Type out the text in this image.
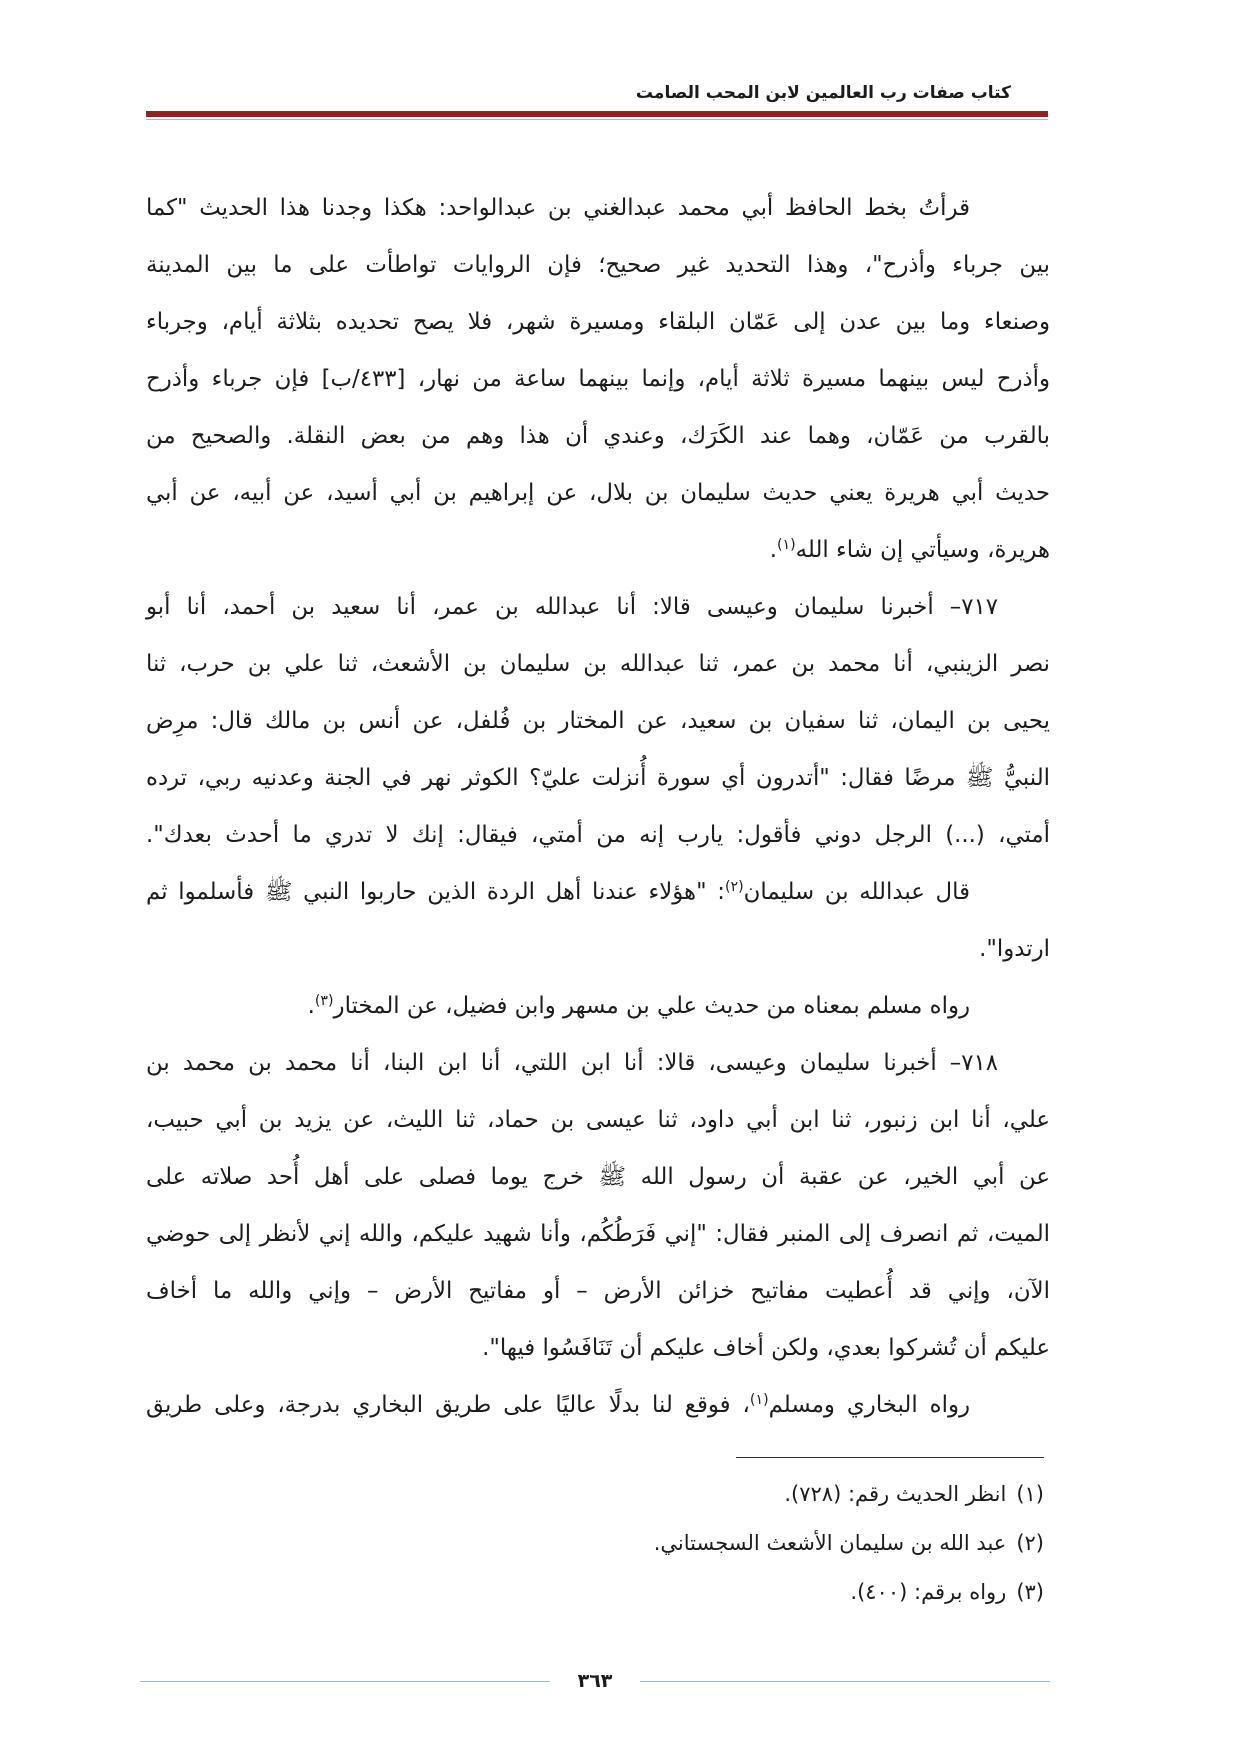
كتاب صفات رب العالمين لابن المحب الصامت
قرأتُ بخط الحافظ أبي محمد عبدالغني بن عبدالواحد: هكذا وجدنا هذا الحديث "كما
بين جرباء وأذرح"، وهذا التحديد غير صحيح؛ فإن الروايات تواطأت على ما بين المدينة
وصنعاء وما بين عدن إلى عَمّان البلقاء ومسيرة شهر، فلا يصح تحديده بثلاثة أيام، وجرباء
وأذرح ليس بينهما مسيرة ثلاثة أيام، وإنما بينهما ساعة من نهار، [٤٣٣/ب] فإن جرباء وأذرح
بالقرب من عَمّان، وهما عند الكَرَك، وعندي أن هذا وهم من بعض النقلة. والصحيح من
حديث أبي هريرة يعني حديث سليمان بن بلال، عن إبراهيم بن أبي أسيد، عن أبيه، عن أبي
هريرة، وسيأتي إن شاء الله$^{(١)}$.
٧١٧– أخبرنا سليمان وعيسى قالا: أنا عبدالله بن عمر، أنا سعيد بن أحمد، أنا أبو
نصر الزينبي، أنا محمد بن عمر، ثنا عبدالله بن سليمان بن الأشعث، ثنا علي بن حرب، ثنا
يحيى بن اليمان، ثنا سفيان بن سعيد، عن المختار بن فُلفل، عن أنس بن مالك قال: مرِض
النبيُّ ﷺ مرضًا فقال: "أتدرون أي سورة أُنزلت عليّ؟ الكوثر نهر في الجنة وعدنيه ربي، ترده
أمتي، (...) الرجل دوني فأقول: يارب إنه من أمتي، فيقال: إنك لا تدري ما أحدث بعدك".
قال عبدالله بن سليمان$^{(٢)}$: "هؤلاء عندنا أهل الردة الذين حاربوا النبي ﷺ فأسلموا ثم
ارتدوا".
رواه مسلم بمعناه من حديث علي بن مسهر وابن فضيل، عن المختار$^{(٣)}$.
٧١٨– أخبرنا سليمان وعيسى، قالا: أنا ابن اللتي، أنا ابن البنا، أنا محمد بن محمد بن
علي، أنا ابن زنبور، ثنا ابن أبي داود، ثنا عيسى بن حماد، ثنا الليث، عن يزيد بن أبي حبيب،
عن أبي الخير، عن عقبة أن رسول الله ﷺ خرج يوما فصلى على أهل أُحد صلاته على
الميت، ثم انصرف إلى المنبر فقال: "إني فَرَطُكُم، وأنا شهيد عليكم، والله إني لأنظر إلى حوضي
الآن، وإني قد أُعطيت مفاتيح خزائن الأرض – أو مفاتيح الأرض – وإني والله ما أخاف
عليكم أن تُشركوا بعدي، ولكن أخاف عليكم أن تَنَافَسُوا فيها".
رواه البخاري ومسلم$^{(١)}$، فوقع لنا بدلًا عاليًا على طريق البخاري بدرجة، وعلى طريق
(١)انظر الحديث رقم: (٧٢٨).
(٢)عبد الله بن سليمان الأشعث السجستاني.
(٣)رواه برقم: (٤٠٠).
٣٦٣
